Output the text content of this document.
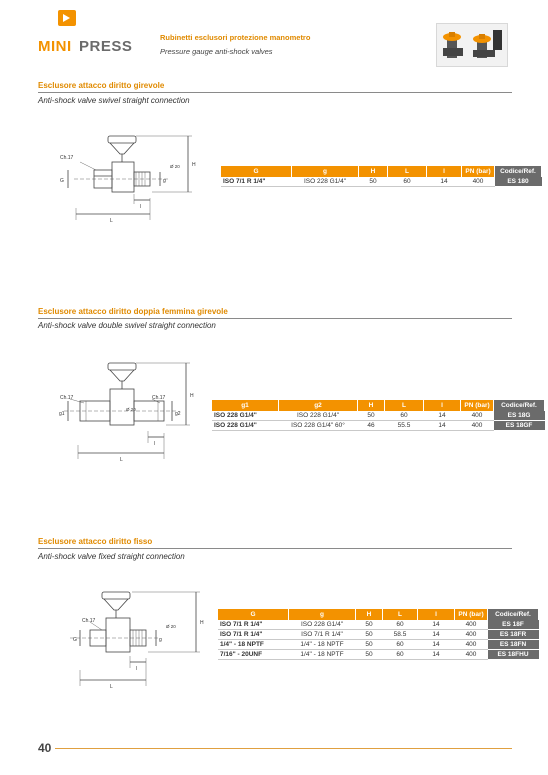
MINI PRESS
Rubinetti esclusori protezione manometro
Pressure gauge anti-shock valves
Esclusore attacco diritto girevole
Anti-shock valve swivel straight connection
Ch.17
G	g
H
L
l
Ø 20
G	g	H	L	l	PN (bar)	Codice/Ref.
ISO 7/1 R 1/4"	ISO 228 G1/4"	50	60	14	400	ES 180
Esclusore attacco diritto doppia femmina girevole
Anti-shock valve double swivel straight connection
Ch.17	Ch.17
g1	g2
H
L
l
Ø 20
g1	g2	H	L	l	PN (bar)	Codice/Ref.
ISO 228 G1/4"	ISO 228 G1/4"	50	60	14	400	ES 18G
ISO 228 G1/4"	ISO 228 G1/4" 60°	46	55.5	14	400	ES 18GF
Esclusore attacco diritto fisso
Anti-shock valve fixed straight connection
Ch.17
G	g
H
L
l
Ø 20
G	g	H	L	l	PN (bar)	Codice/Ref.
ISO 7/1 R 1/4"	ISO 228 G1/4"	50	60	14	400	ES 18F
ISO 7/1 R 1/4"	ISO 7/1 R 1/4"	50	58.5	14	400	ES 18FR
1/4" - 18 NPTF	1/4" - 18 NPTF	50	60	14	400	ES 18FN
7/16" - 20UNF	1/4" - 18 NPTF	50	60	14	400	ES 18FHU
40
